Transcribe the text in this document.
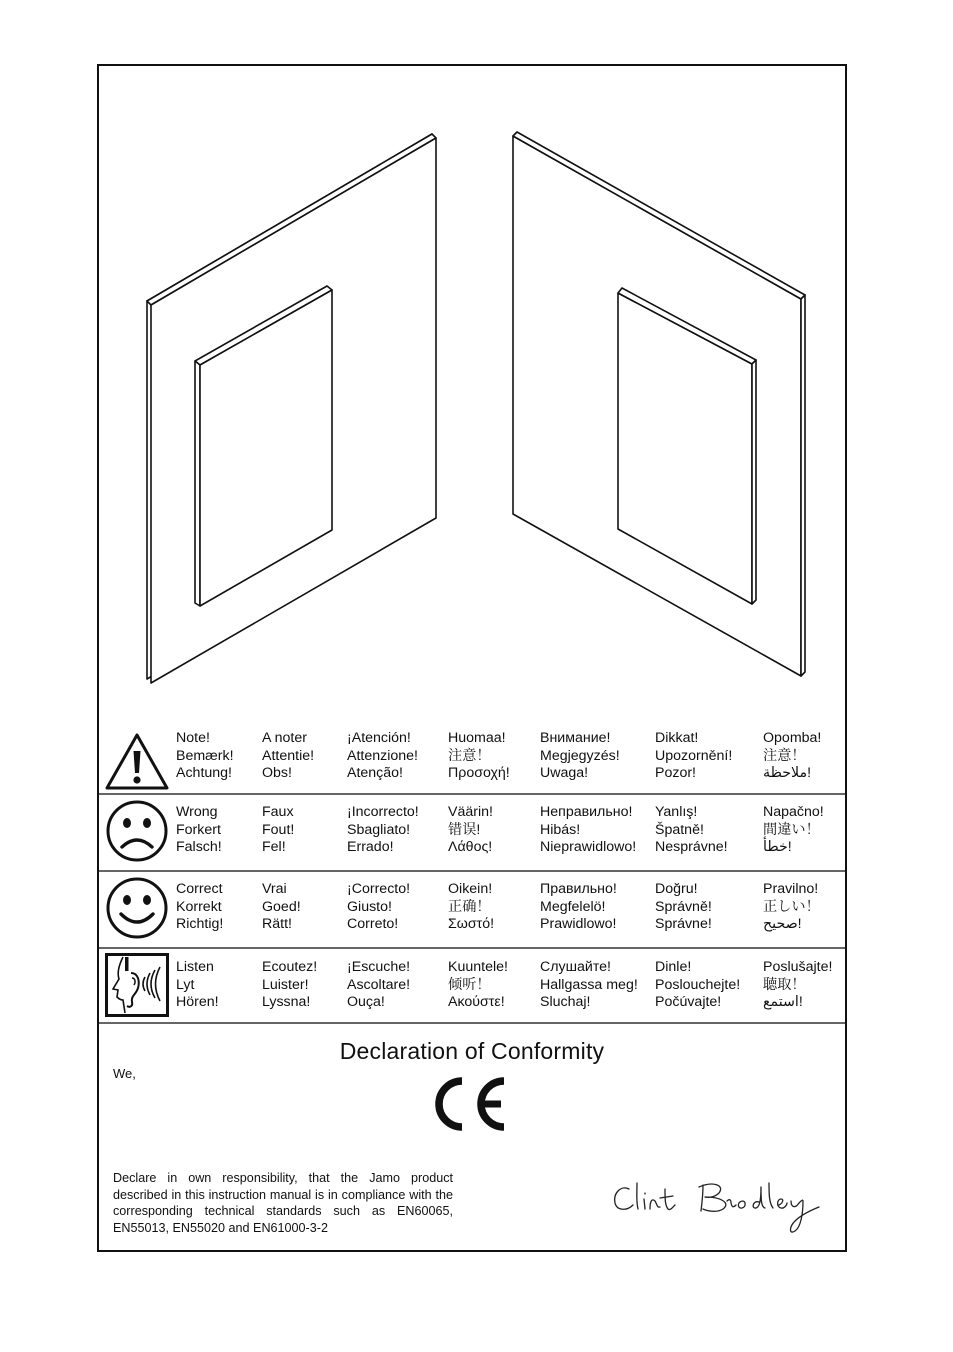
Note!
Bemærk!
Achtung!
A noter
Attentie!
Obs!
¡Atención!
Attenzione!
Atenção!
Huomaa!
注意！
Προσοχή!
Внимание!
Megjegyzés!
Uwaga!
Dikkat!
Upozornění!
Pozor!
Opomba!
注意！
ملاحظة!
Wrong
Forkert
Falsch!
Faux
Fout!
Fel!
¡Incorrecto!
Sbagliato!
Errado!
Väärin!
错误!
Λάθος!
Неправильно!
Hibás!
Nieprawidlowo!
Yanlış!
Špatně!
Nesprávne!
Napačno!
間違い！
خطأ!
Correct
Korrekt
Richtig!
Vrai
Goed!
Rätt!
¡Correcto!
Giusto!
Correto!
Oikein!
正确！
Σωστό!
Правильно!
Megfelelö!
Prawidlowo!
Doğru!
Správně!
Správne!
Pravilno!
正しい！
صحيح!
Listen
Lyt
Hören!
Ecoutez!
Luister!
Lyssna!
¡Escuche!
Ascoltare!
Ouça!
Kuuntele!
倾听！
Ακούστε!
Слушайте!
Hallgassa meg!
Sluchaj!
Dinle!
Poslouchejte!
Počúvajte!
Poslušajte!
聴取！
استمع!
Declaration of Conformity
We,
Declare in own responsibility, that the Jamo product described in this instruction manual is in compliance with the corresponding technical standards such as EN60065, EN55013, EN55020 and EN61000-3-2
